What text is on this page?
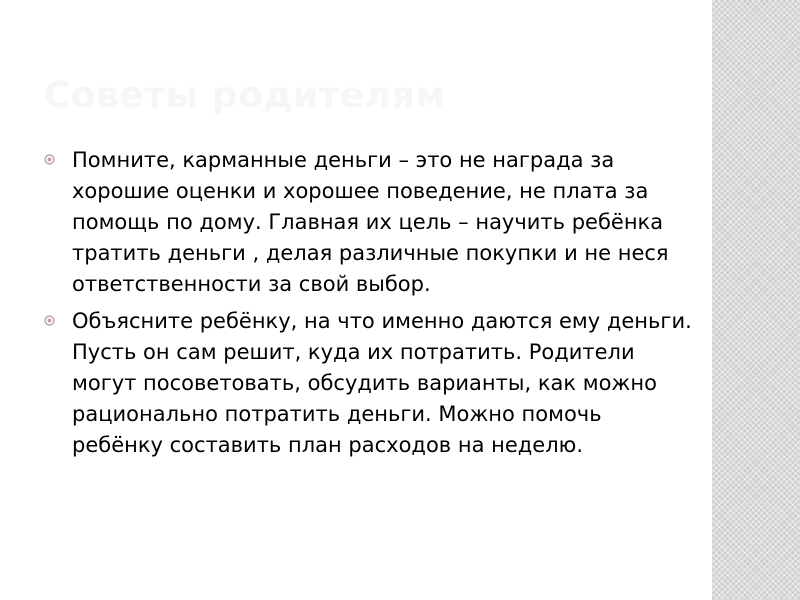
Советы родителям
Помните, карманные деньги – это не награда за хорошие оценки и хорошее поведение, не плата за помощь по дому. Главная их цель – научить ребёнка тратить деньги , делая различные покупки и не неся ответственности за свой выбор.
Объясните ребёнку, на что именно даются ему деньги. Пусть он сам решит, куда их потратить. Родители могут посоветовать, обсудить варианты, как можно рационально потратить деньги. Можно помочь ребёнку составить план расходов на неделю.
